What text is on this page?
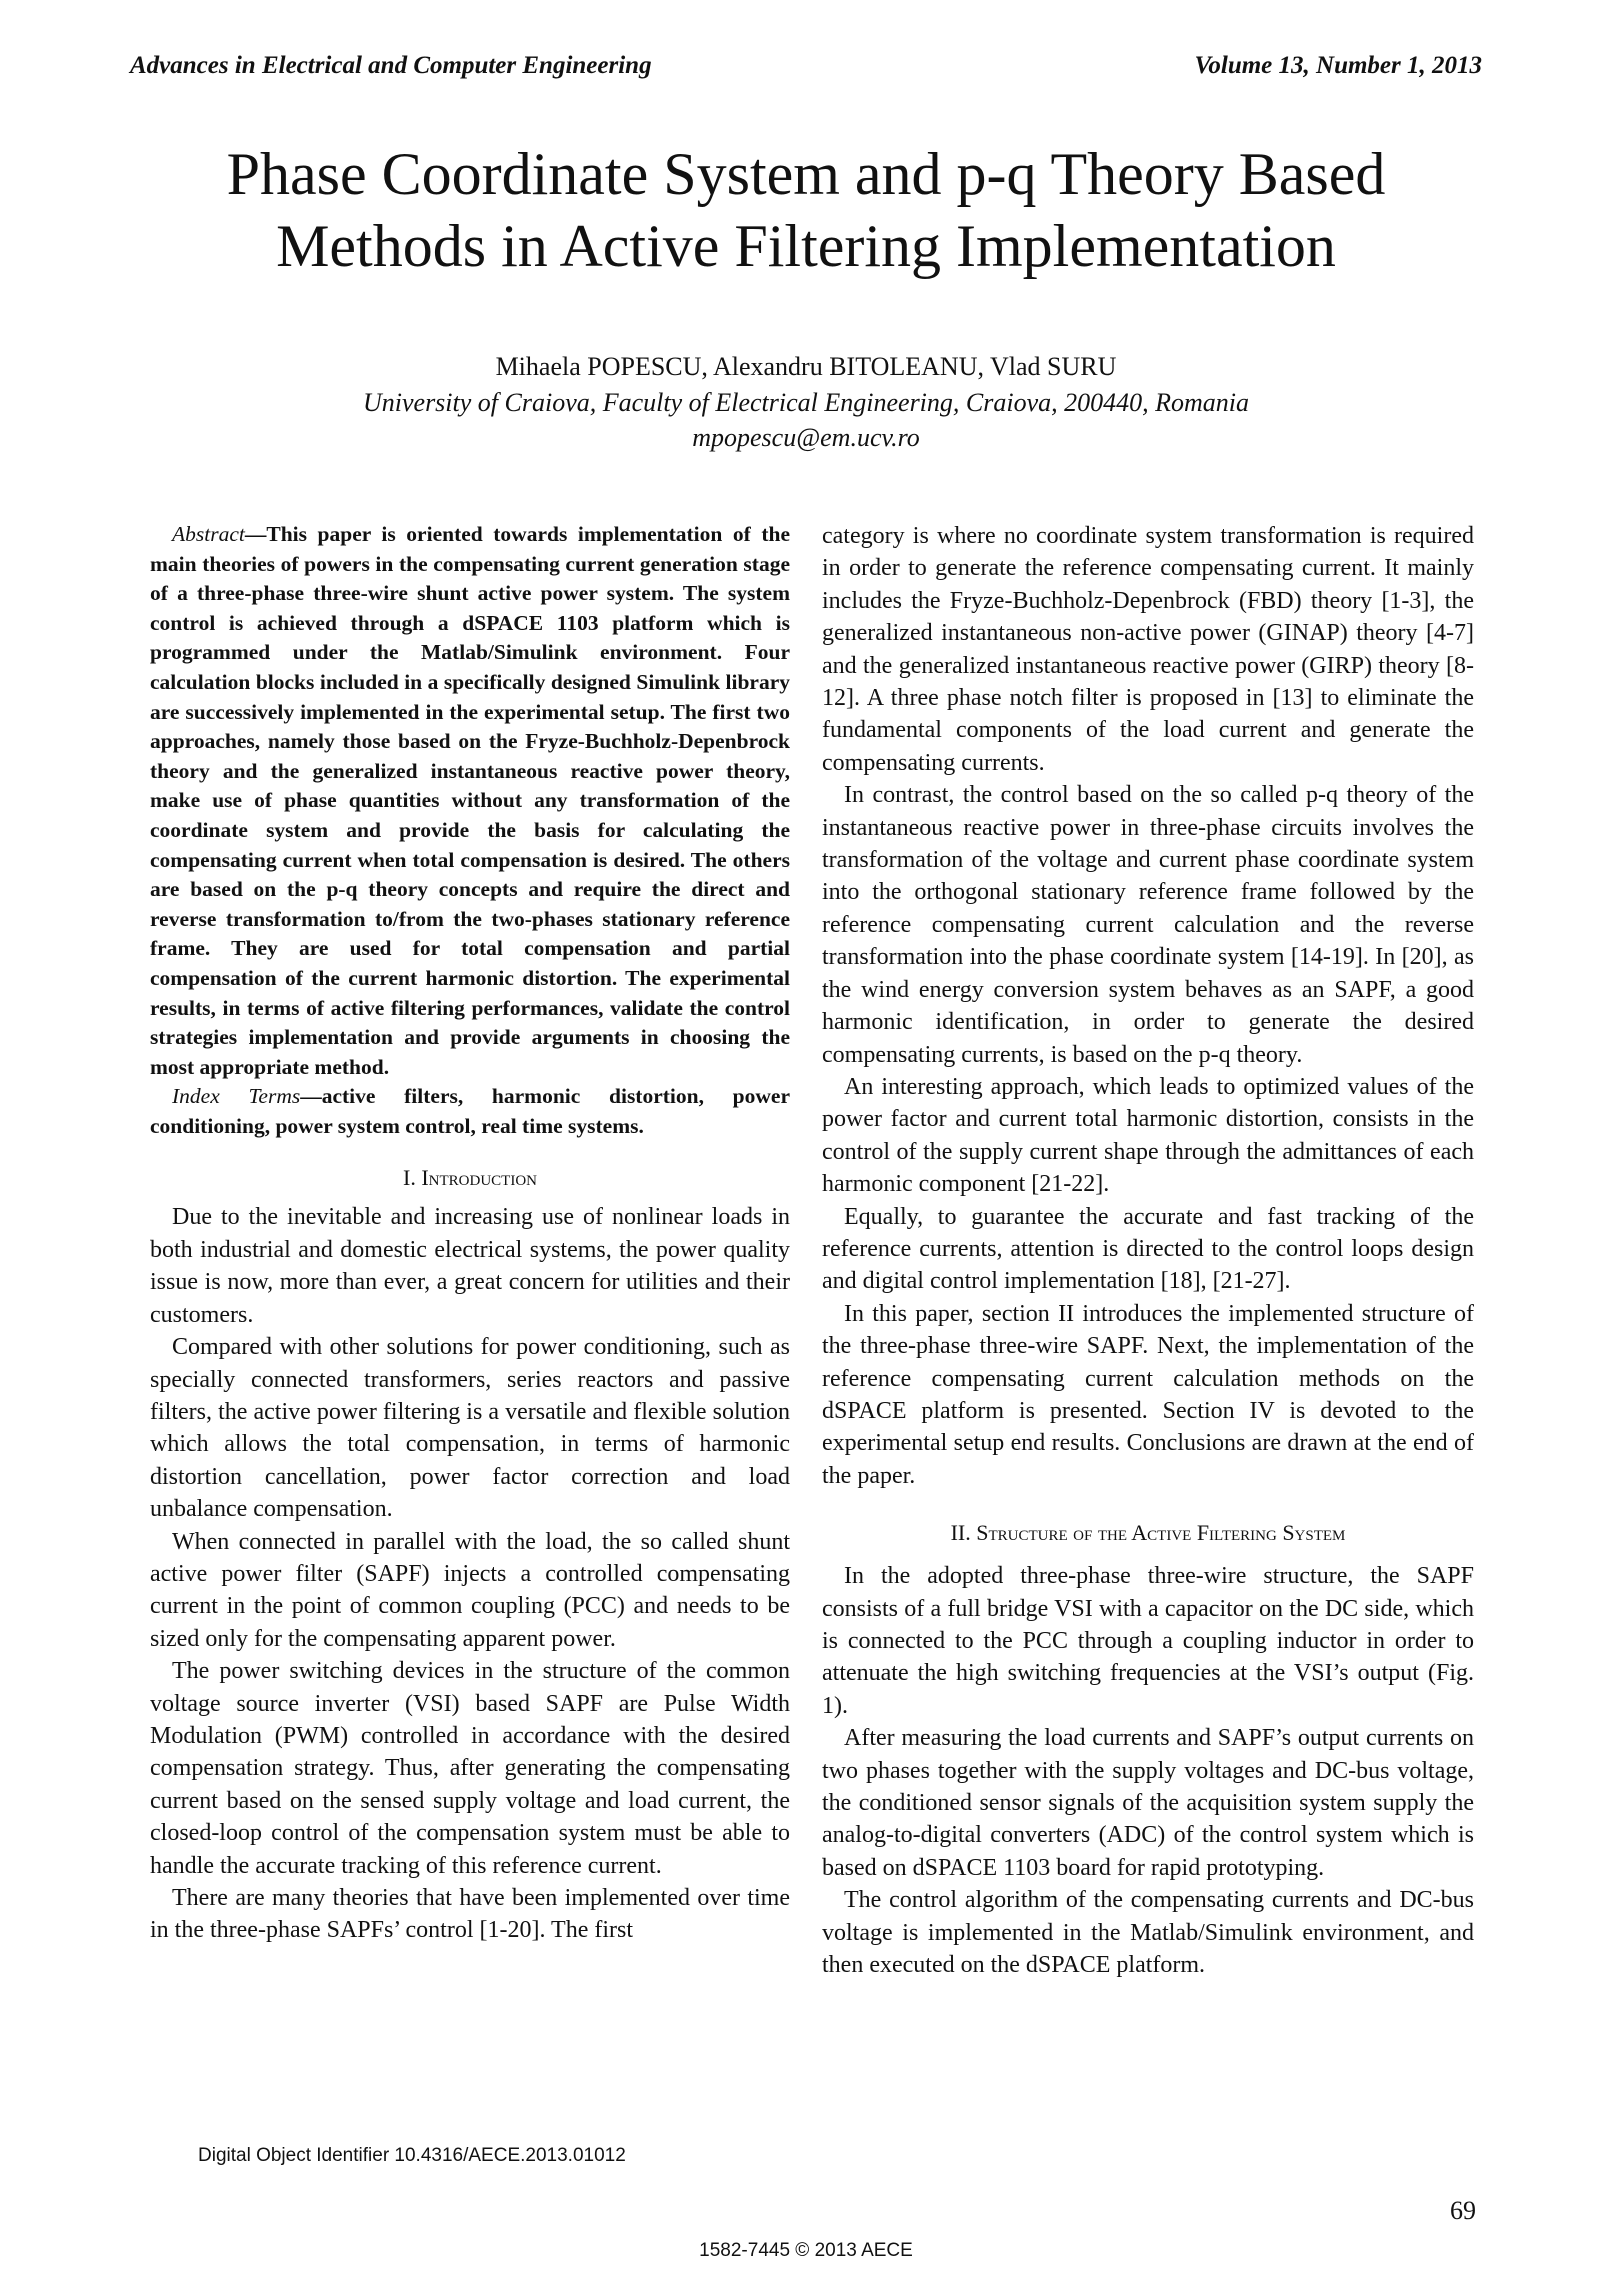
Advances in Electrical and Computer Engineering	Volume 13, Number 1, 2013
Phase Coordinate System and p-q Theory Based
Methods in Active Filtering Implementation
Mihaela POPESCU, Alexandru BITOLEANU, Vlad SURU
University of Craiova, Faculty of Electrical Engineering, Craiova, 200440, Romania
mpopescu@em.ucv.ro

Abstract—This paper is oriented towards implementation of the main theories of powers in the compensating current generation stage of a three-phase three-wire shunt active power system. The system control is achieved through a dSPACE 1103 platform which is programmed under the Matlab/Simulink environment. Four calculation blocks included in a specifically designed Simulink library are successively implemented in the experimental setup. The first two approaches, namely those based on the Fryze-Buchholz-Depenbrock theory and the generalized instantaneous reactive power theory, make use of phase quantities without any transformation of the coordinate system and provide the basis for calculating the compensating current when total compensation is desired. The others are based on the p-q theory concepts and require the direct and reverse transformation to/from the two-phases stationary reference frame. They are used for total compensation and partial compensation of the current harmonic distortion. The experimental results, in terms of active filtering performances, validate the control strategies implementation and provide arguments in choosing the most appropriate method.

Index Terms—active filters, harmonic distortion, power conditioning, power system control, real time systems.

I. Introduction

Due to the inevitable and increasing use of nonlinear loads in both industrial and domestic electrical systems, the power quality issue is now, more than ever, a great concern for utilities and their customers.

Compared with other solutions for power conditioning, such as specially connected transformers, series reactors and passive filters, the active power filtering is a versatile and flexible solution which allows the total compensation, in terms of harmonic distortion cancellation, power factor correction and load unbalance compensation.

When connected in parallel with the load, the so called shunt active power filter (SAPF) injects a controlled compensating current in the point of common coupling (PCC) and needs to be sized only for the compensating apparent power.

The power switching devices in the structure of the common voltage source inverter (VSI) based SAPF are Pulse Width Modulation (PWM) controlled in accordance with the desired compensation strategy. Thus, after generating the compensating current based on the sensed supply voltage and load current, the closed-loop control of the compensation system must be able to handle the accurate tracking of this reference current.

There are many theories that have been implemented over time in the three-phase SAPFs’ control [1-20]. The first

category is where no coordinate system transformation is required in order to generate the reference compensating current. It mainly includes the Fryze-Buchholz-Depenbrock (FBD) theory [1-3], the generalized instantaneous non-active power (GINAP) theory [4-7] and the generalized instantaneous reactive power (GIRP) theory [8-12]. A three phase notch filter is proposed in [13] to eliminate the fundamental components of the load current and generate the compensating currents.

In contrast, the control based on the so called p-q theory of the instantaneous reactive power in three-phase circuits involves the transformation of the voltage and current phase coordinate system into the orthogonal stationary reference frame followed by the reference compensating current calculation and the reverse transformation into the phase coordinate system [14-19]. In [20], as the wind energy conversion system behaves as an SAPF, a good harmonic identification, in order to generate the desired compensating currents, is based on the p-q theory.

An interesting approach, which leads to optimized values of the power factor and current total harmonic distortion, consists in the control of the supply current shape through the admittances of each harmonic component [21-22].

Equally, to guarantee the accurate and fast tracking of the reference currents, attention is directed to the control loops design and digital control implementation [18], [21-27].

In this paper, section II introduces the implemented structure of the three-phase three-wire SAPF. Next, the implementation of the reference compensating current calculation methods on the dSPACE platform is presented. Section IV is devoted to the experimental setup end results. Conclusions are drawn at the end of the paper.

II. Structure of the Active Filtering System

In the adopted three-phase three-wire structure, the SAPF consists of a full bridge VSI with a capacitor on the DC side, which is connected to the PCC through a coupling inductor in order to attenuate the high switching frequencies at the VSI’s output (Fig. 1).

After measuring the load currents and SAPF’s output currents on two phases together with the supply voltages and DC-bus voltage, the conditioned sensor signals of the acquisition system supply the analog-to-digital converters (ADC) of the control system which is based on dSPACE 1103 board for rapid prototyping.

The control algorithm of the compensating currents and DC-bus voltage is implemented in the Matlab/Simulink environment, and then executed on the dSPACE platform.

Digital Object Identifier 10.4316/AECE.2013.01012
69
1582-7445 © 2013 AECE
